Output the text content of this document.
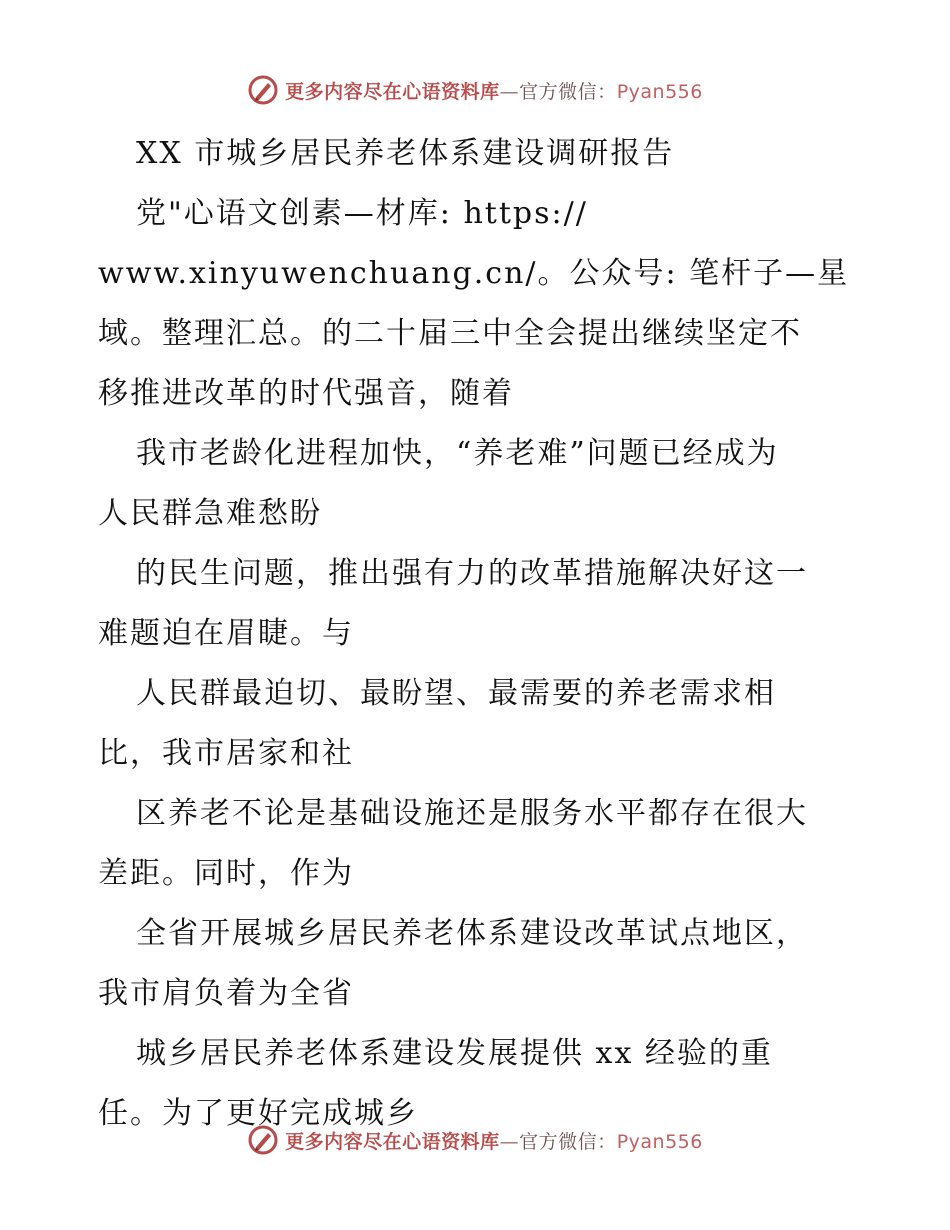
更多内容尽在心语资料库—官方微信：Pyan556
XX 市城乡居民养老体系建设调研报告
党"心语文创素—材库: https://
www.xinyuwenchuang.cn/。公众号: 笔杆子—星
域。整理汇总。的二十届三中全会提出继续坚定不
移推进改革的时代强音，随着
我市老龄化进程加快，“养老难”问题已经成为
人民群急难愁盼
的民生问题，推出强有力的改革措施解决好这一
难题迫在眉睫。与
人民群最迫切、最盼望、最需要的养老需求相
比，我市居家和社
区养老不论是基础设施还是服务水平都存在很大
差距。同时，作为
全省开展城乡居民养老体系建设改革试点地区，
我市肩负着为全省
城乡居民养老体系建设发展提供 xx 经验的重
任。为了更好完成城乡
更多内容尽在心语资料库—官方微信：Pyan556
